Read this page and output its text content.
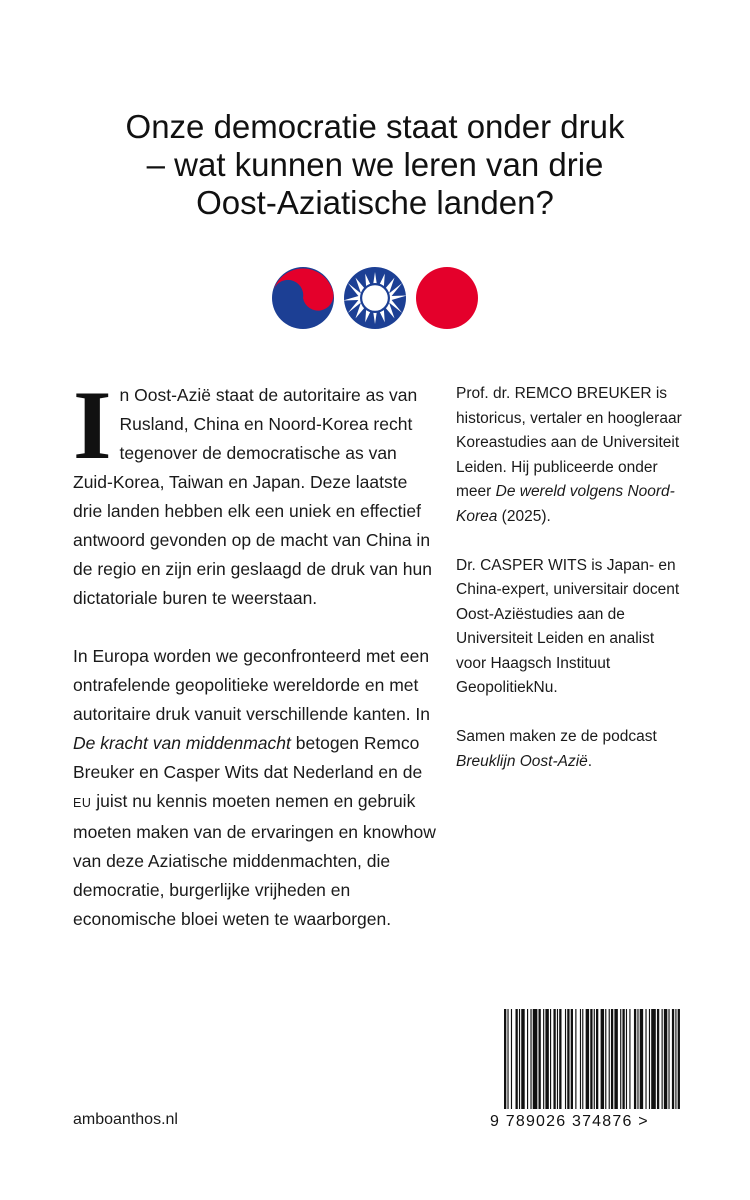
Onze democratie staat onder druk
– wat kunnen we leren van drie
Oost-Aziatische landen?

In Oost-Azië staat de autoritaire as van Rusland, China en Noord-Korea recht tegenover de democratische as van Zuid-Korea, Taiwan en Japan. Deze laatste drie landen hebben elk een uniek en effectief antwoord gevonden op de macht van China in de regio en zijn erin geslaagd de druk van hun dictatoriale buren te weerstaan.

In Europa worden we geconfronteerd met een ontrafelende geopolitieke wereldorde en met autoritaire druk vanuit verschillende kanten. In De kracht van middenmacht betogen Remco Breuker en Casper Wits dat Nederland en de EU juist nu kennis moeten nemen en gebruik moeten maken van de ervaringen en knowhow van deze Aziatische middenmachten, die democratie, burgerlijke vrijheden en economische bloei weten te waarborgen.

Prof. dr. REMCO BREUKER is historicus, vertaler en hoogleraar Koreastudies aan de Universiteit Leiden. Hij publiceerde onder meer De wereld volgens Noord-Korea (2025).

Dr. CASPER WITS is Japan- en China-expert, universitair docent Oost-Aziëstudies aan de Universiteit Leiden en analist voor Haagsch Instituut GeopolitiekNu.

Samen maken ze de podcast Breuklijn Oost-Azië.

amboanthos.nl	9 789026 374876 >
